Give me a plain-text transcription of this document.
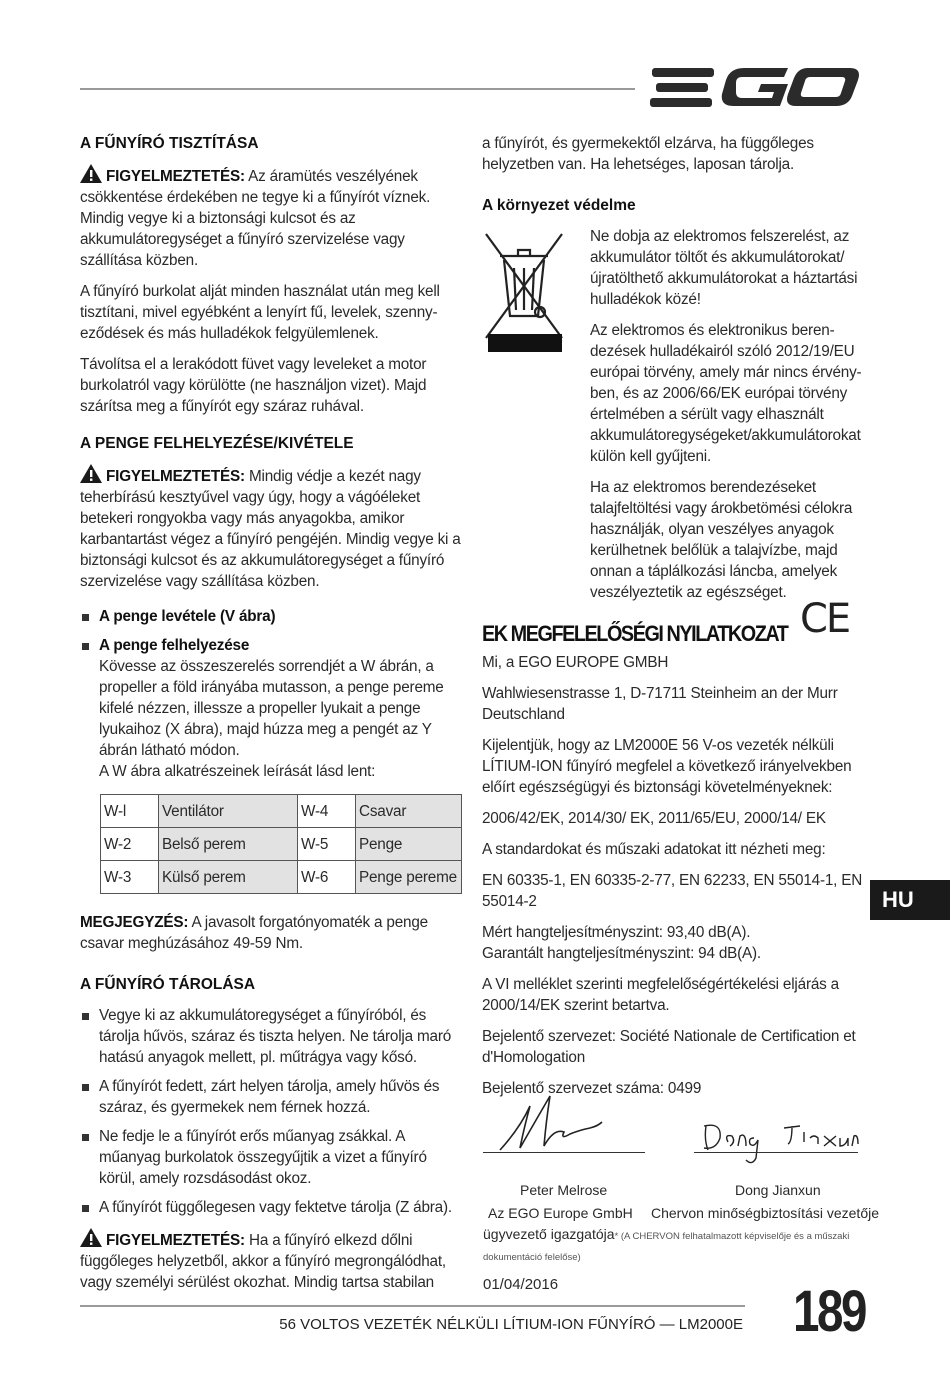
A FŰNYÍRÓ TISZTÍTÁSA

FIGYELMEZTETÉS: Az áramütés veszélyének csökkentése érdekében ne tegye ki a fűnyírót víznek. Mindig vegye ki a biztonsági kulcsot és az akkumulátoregységet a fűnyíró szervizelése vagy szállítása közben.

A fűnyíró burkolat alját minden használat után meg kell tisztítani, mivel egyébként a lenyírt fű, levelek, szenny-eződések és más hulladékok felgyülemlenek.

Távolítsa el a lerakódott füvet vagy leveleket a motor burkolatról vagy körülötte (ne használjon vizet). Majd szárítsa meg a fűnyírót egy száraz ruhával.

A PENGE FELHELYEZÉSE/KIVÉTELE

FIGYELMEZTETÉS: Mindig védje a kezét nagy teherbírású kesztyűvel vagy úgy, hogy a vágóéleket betekeri rongyokba vagy más anyagokba, amikor karbantartást végez a fűnyíró pengéjén. Mindig vegye ki a biztonsági kulcsot és az akkumulátoregységet a fűnyíró szervizelése vagy szállítása közben.

A penge levétele (V ábra)
A penge felhelyezése
Kövesse az összeszerelés sorrendjét a W ábrán, a propeller a föld irányába mutasson, a penge pereme kifelé nézzen, illessze a propeller lyukait a penge lyukaihoz (X ábra), majd húzza meg a pengét az Y ábrán látható módon.
A W ábra alkatrészeinek leírását lásd lent:
W-l	Ventilátor	W-4	Csavar
W-2	Belső perem	W-5	Penge
W-3	Külső perem	W-6	Penge pereme

MEGJEGYZÉS: A javasolt forgatónyomaték a penge csavar meghúzásához 49-59 Nm.

A FŰNYÍRÓ TÁROLÁSA
Vegye ki az akkumulátoregységet a fűnyíróból, és tárolja hűvös, száraz és tiszta helyen. Ne tárolja maró hatású anyagok mellett, pl. műtrágya vagy kősó.
A fűnyírót fedett, zárt helyen tárolja, amely hűvös és száraz, és gyermekek nem férnek hozzá.
Ne fedje le a fűnyírót erős műanyag zsákkal. A műanyag burkolatok összegyűjtik a vizet a fűnyíró körül, amely rozsdásodást okoz.
A fűnyírót függőlegesen vagy fektetve tárolja (Z ábra).

FIGYELMEZTETÉS: Ha a fűnyíró elkezd dőlni függőleges helyzetből, akkor a fűnyíró megrongálódhat, vagy személyi sérülést okozhat. Mindig tartsa stabilan

a fűnyírót, és gyermekektől elzárva, ha függőleges helyzetben van. Ha lehetséges, laposan tárolja.

A környezet védelme

Ne dobja az elektromos felszerelést, az akkumulátor töltőt és akkumulátorokat/ újratölthető akkumulátorokat a háztartási hulladékok közé!

Az elektromos és elektronikus beren-dezések hulladékairól szóló 2012/19/EU európai törvény, amely már nincs érvény-ben, és az 2006/66/EK európai törvény értelmében a sérült vagy elhasznált akkumulátoregységeket/akkumulátorokat külön kell gyűjteni.

Ha az elektromos berendezéseket talajfeltöltési vagy árokbetömési célokra használják, olyan veszélyes anyagok kerülhetnek belőlük a talajvízbe, majd onnan a táplálkozási láncba, amelyek veszélyeztetik az egészséget.

EK MEGFELELŐSÉGI NYILATKOZAT CE

Mi, a EGO EUROPE GMBH

Wahlwiesenstrasse 1, D-71711 Steinheim an der Murr Deutschland

Kijelentjük, hogy az LM2000E 56 V-os vezeték nélküli LÍTIUM-ION fűnyíró megfelel a következő irányelvekben előírt egészségügyi és biztonsági követelményeknek:

2006/42/EK, 2014/30/ EK, 2011/65/EU, 2000/14/ EK

A standardokat és műszaki adatokat itt nézheti meg:

EN 60335-1, EN 60335-2-77, EN 62233, EN 55014-1, EN 55014-2

Mért hangteljesítményszint: 93,40 dB(A).
Garantált hangteljesítményszint: 94 dB(A).

A VI melléklet szerinti megfelelőségértékelési eljárás a 2000/14/EK szerint betartva.

Bejelentő szervezet: Société Nationale de Certification et d'Homologation

Bejelentő szervezet száma: 0499

Peter Melrose
Az EGO Europe GmbH
ügyvezető igazgatója* (A CHERVON felhatalmazott képviselője és a műszaki dokumentáció felelőse)
Dong Jianxun
Chervon minőségbiztosítási vezetője
01/04/2016
HU
56 VOLTOS VEZETÉK NÉLKÜLI LÍTIUM-ION FŰNYÍRÓ — LM2000E 189
